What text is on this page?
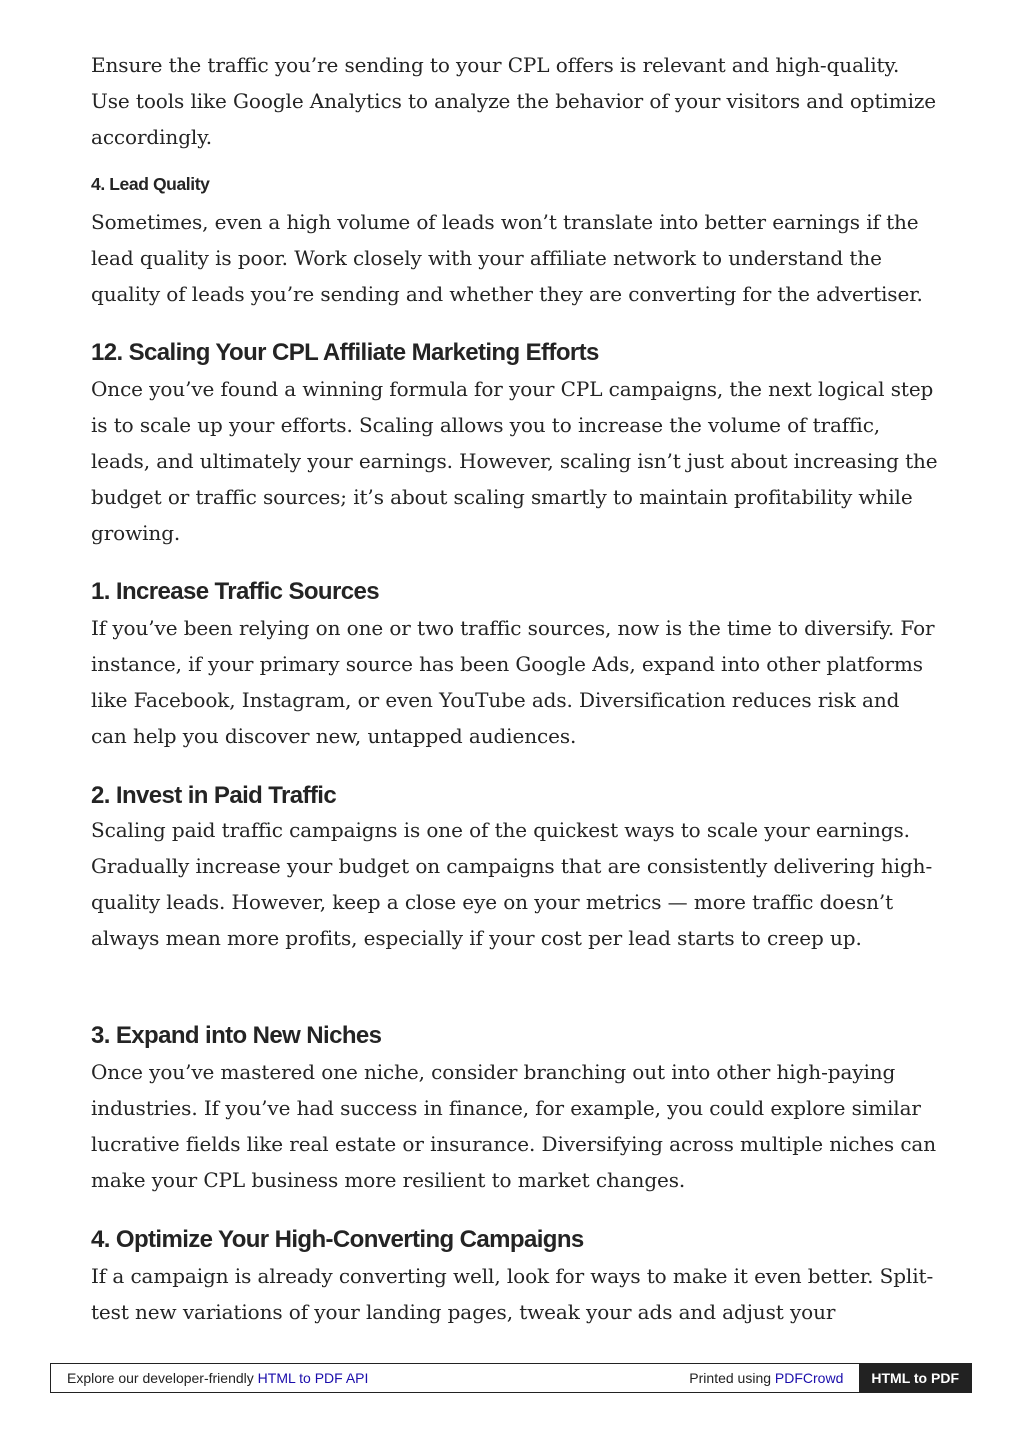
Ensure the traffic you’re sending to your CPL offers is relevant and high-quality. Use tools like Google Analytics to analyze the behavior of your visitors and optimize accordingly.

4. Lead Quality

Sometimes, even a high volume of leads won’t translate into better earnings if the lead quality is poor. Work closely with your affiliate network to understand the quality of leads you’re sending and whether they are converting for the advertiser.

12. Scaling Your CPL Affiliate Marketing Efforts

Once you’ve found a winning formula for your CPL campaigns, the next logical step is to scale up your efforts. Scaling allows you to increase the volume of traffic, leads, and ultimately your earnings. However, scaling isn’t just about increasing the budget or traffic sources; it’s about scaling smartly to maintain profitability while growing.

1. Increase Traffic Sources

If you’ve been relying on one or two traffic sources, now is the time to diversify. For instance, if your primary source has been Google Ads, expand into other platforms like Facebook, Instagram, or even YouTube ads. Diversification reduces risk and can help you discover new, untapped audiences.

2. Invest in Paid Traffic

Scaling paid traffic campaigns is one of the quickest ways to scale your earnings. Gradually increase your budget on campaigns that are consistently delivering high-quality leads. However, keep a close eye on your metrics — more traffic doesn’t always mean more profits, especially if your cost per lead starts to creep up.

3. Expand into New Niches

Once you’ve mastered one niche, consider branching out into other high-paying industries. If you’ve had success in finance, for example, you could explore similar lucrative fields like real estate or insurance. Diversifying across multiple niches can make your CPL business more resilient to market changes.

4. Optimize Your High-Converting Campaigns

If a campaign is already converting well, look for ways to make it even better. Split-test new variations of your landing pages, tweak your ads and adjust your

Explore our developer-friendly HTML to PDF API	Printed using PDFCrowd	HTML to PDF
